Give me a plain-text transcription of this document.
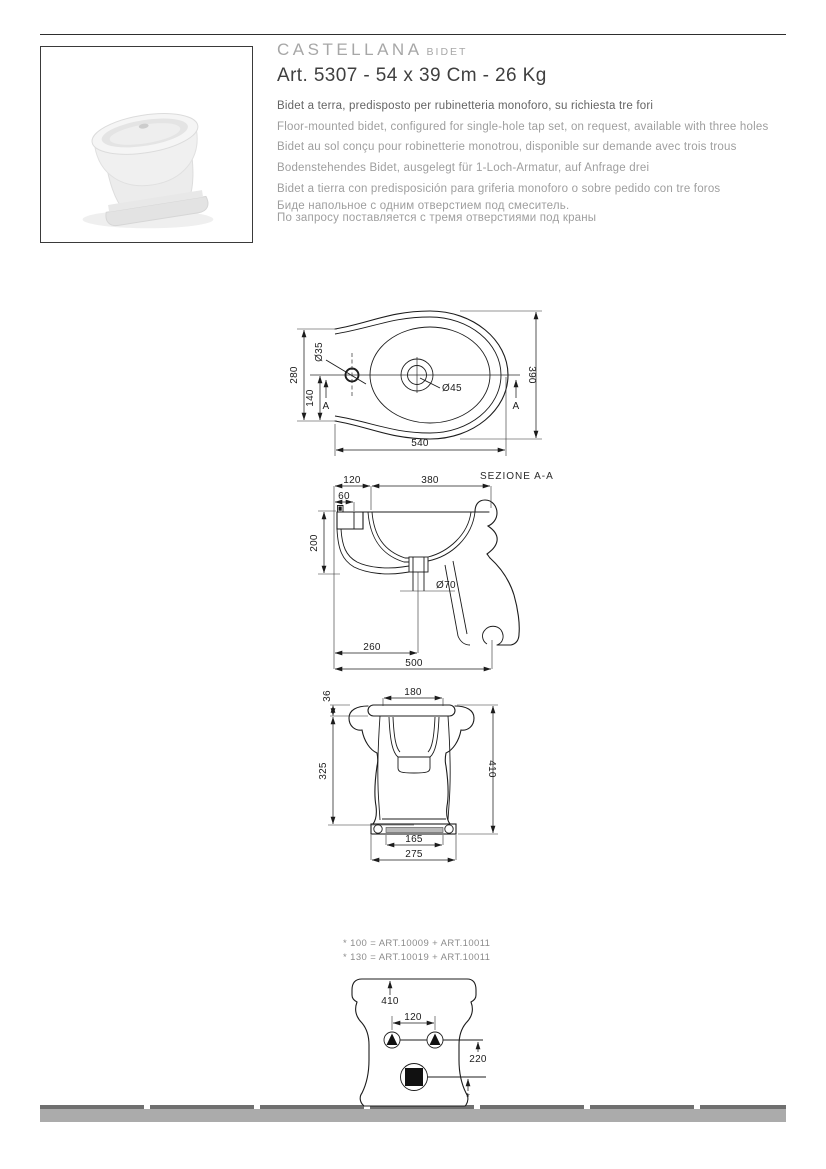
CASTELLANA BIDET
Art. 5307 - 54 x 39 Cm - 26 Kg

Bidet a terra, predisposto per rubinetteria monoforo, su richiesta tre fori

Floor-mounted bidet, configured for single-hole tap set, on request, available with three holes

Bidet au sol conçu pour robinetterie monotrou, disponible sur demande avec trois trous

Bodenstehendes Bidet, ausgelegt für 1-Loch-Armatur, auf Anfrage drei

Bidet a tierra con predisposición para griferia monoforo o sobre pedido con tre foros

Биде напольное с одним отверстием под смеситель.

По запросу поставляется с тремя отверстиями под краны

280
140
Ø35
Ø45
390
540
A	A
SEZIONE A-A
120	380
60
200
Ø70
260
500
36	180
325	410
165
275

* 100 = ART.10009 + ART.10011

* 130 = ART.10019 + ART.10011

410
120
220
*
